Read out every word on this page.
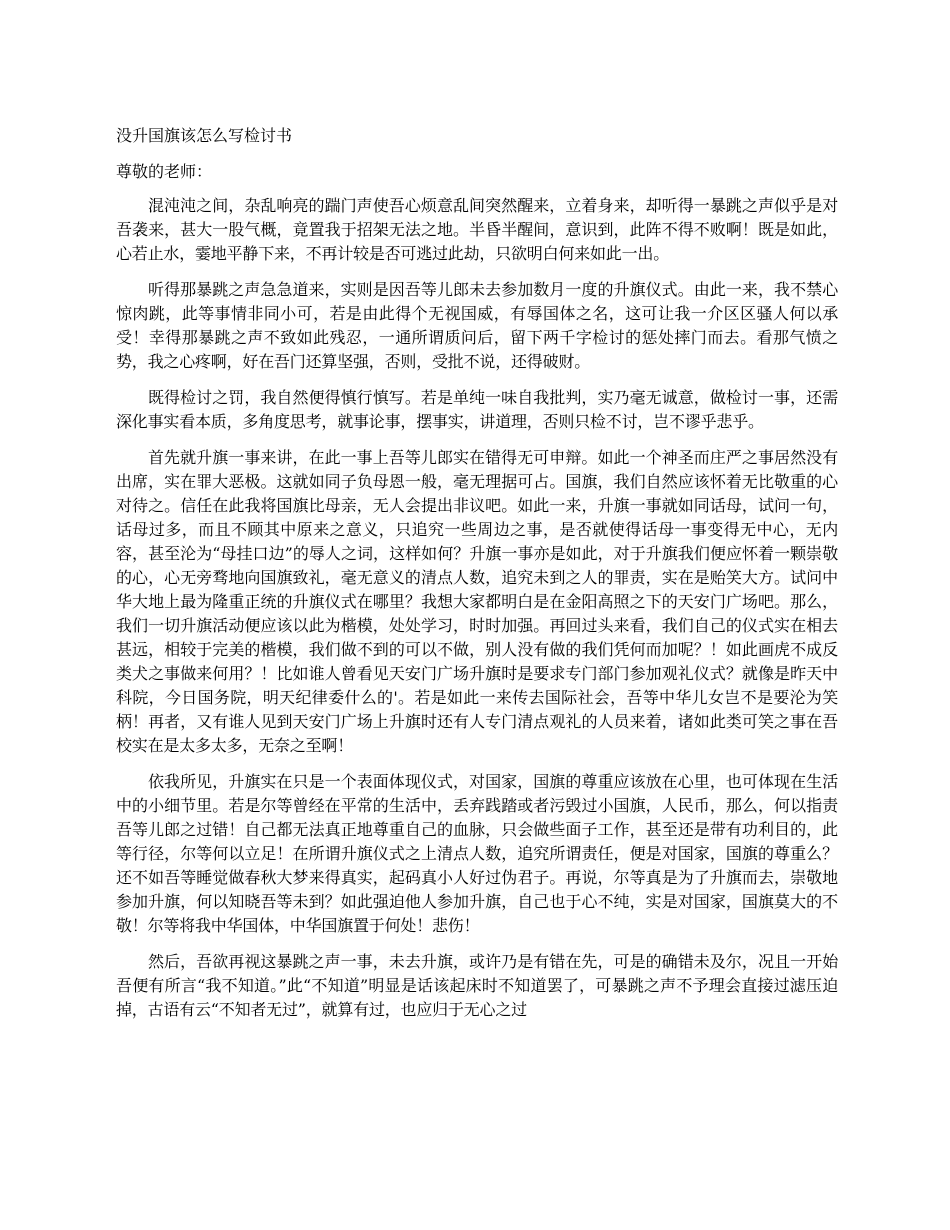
没升国旗该怎么写检讨书
尊敬的老师：

混沌沌之间，杂乱响亮的踹门声使吾心烦意乱间突然醒来，立着身来，却听得一暴跳之声似乎是对吾袭来，甚大一股气概，竟置我于招架无法之地。半昏半醒间，意识到，此阵不得不败啊！既是如此，心若止水，霎地平静下来，不再计较是否可逃过此劫，只欲明白何来如此一出。

听得那暴跳之声急急道来，实则是因吾等儿郎未去参加数月一度的升旗仪式。由此一来，我不禁心惊肉跳，此等事情非同小可，若是由此得个无视国威，有辱国体之名，这可让我一介区区骚人何以承受！幸得那暴跳之声不致如此残忍，一通所谓质问后，留下两千字检讨的惩处摔门而去。看那气愤之势，我之心疼啊，好在吾门还算坚强，否则，受批不说，还得破财。

既得检讨之罚，我自然便得慎行慎写。若是单纯一味自我批判，实乃毫无诚意，做检讨一事，还需深化事实看本质，多角度思考，就事论事，摆事实，讲道理，否则只检不讨，岂不谬乎悲乎。

首先就升旗一事来讲，在此一事上吾等儿郎实在错得无可申辩。如此一个神圣而庄严之事居然没有出席，实在罪大恶极。这就如同子负母恩一般，毫无理据可占。国旗，我们自然应该怀着无比敬重的心对待之。信任在此我将国旗比母亲，无人会提出非议吧。如此一来，升旗一事就如同话母，试问一句，话母过多，而且不顾其中原来之意义，只追究一些周边之事，是否就使得话母一事变得无中心，无内容，甚至沦为“母挂口边”的辱人之词，这样如何？升旗一事亦是如此，对于升旗我们便应怀着一颗崇敬的心，心无旁骛地向国旗致礼，毫无意义的清点人数，追究未到之人的罪责，实在是贻笑大方。试问中华大地上最为隆重正统的升旗仪式在哪里？我想大家都明白是在金阳高照之下的天安门广场吧。那么，我们一切升旗活动便应该以此为楷模，处处学习，时时加强。再回过头来看，我们自己的仪式实在相去甚远，相较于完美的楷模，我们做不到的可以不做，别人没有做的我们凭何而加呢？！如此画虎不成反类犬之事做来何用？！比如谁人曾看见天安门广场升旗时是要求专门部门参加观礼仪式？就像是昨天中科院，今日国务院，明天纪律委什么的'。若是如此一来传去国际社会，吾等中华儿女岂不是要沦为笑柄！再者，又有谁人见到天安门广场上升旗时还有人专门清点观礼的人员来着，诸如此类可笑之事在吾校实在是太多太多，无奈之至啊！

依我所见，升旗实在只是一个表面体现仪式，对国家，国旗的尊重应该放在心里，也可体现在生活中的小细节里。若是尔等曾经在平常的生活中，丢弃践踏或者污毁过小国旗，人民币，那么，何以指责吾等儿郎之过错！自己都无法真正地尊重自己的血脉，只会做些面子工作，甚至还是带有功利目的，此等行径，尔等何以立足！在所谓升旗仪式之上清点人数，追究所谓责任，便是对国家，国旗的尊重么？还不如吾等睡觉做春秋大梦来得真实，起码真小人好过伪君子。再说，尔等真是为了升旗而去，崇敬地参加升旗，何以知晓吾等未到？如此强迫他人参加升旗，自己也于心不纯，实是对国家，国旗莫大的不敬！尔等将我中华国体，中华国旗置于何处！悲伤！

然后，吾欲再视这暴跳之声一事，未去升旗，或许乃是有错在先，可是的确错未及尔，况且一开始吾便有所言“我不知道。”此“不知道”明显是话该起床时不知道罢了，可暴跳之声不予理会直接过滤压迫掉，古语有云“不知者无过”，就算有过，也应归于无心之过
